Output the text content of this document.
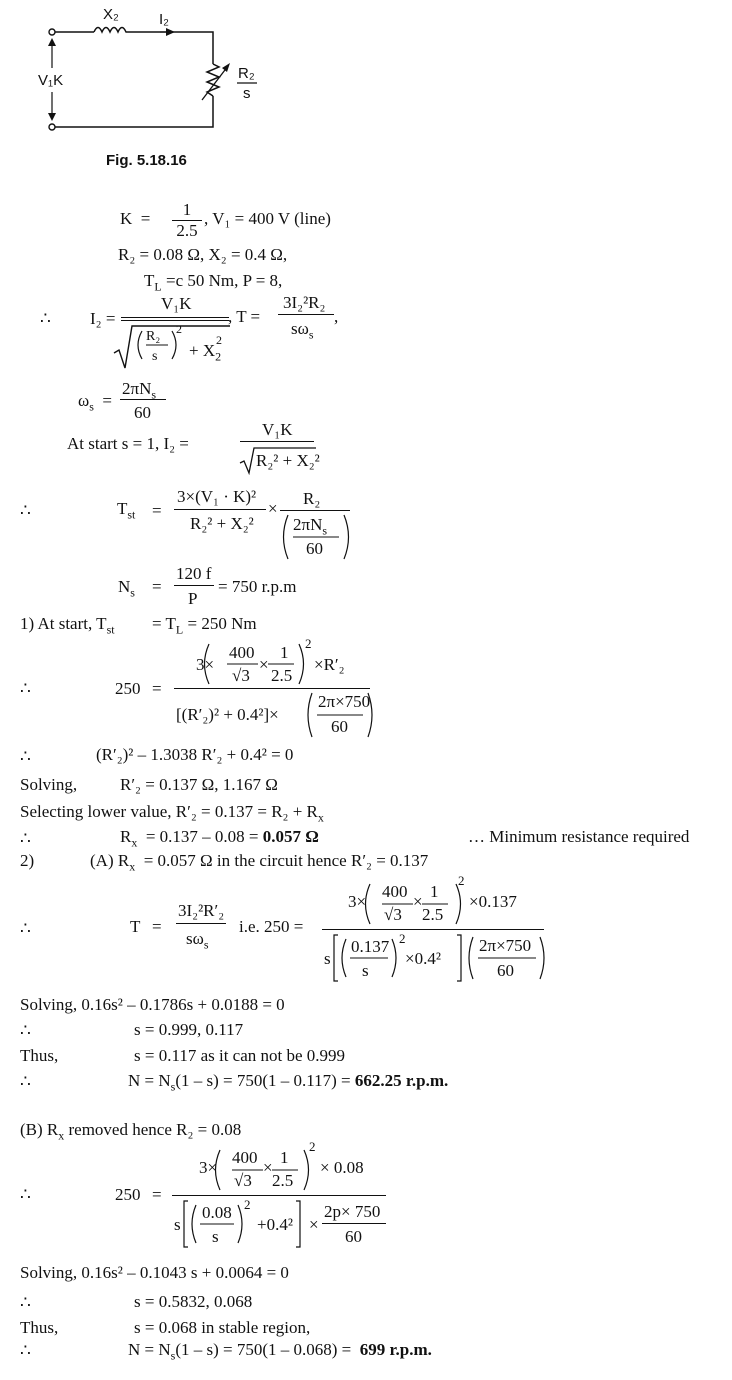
X₂	I₂
V₁K	R₂
s
Fig. 5.18.16
K  =	1
2.5
, V₁ = 400 V (line)
R₂ = 0.08 Ω, X₂ = 0.4 Ω,
$T_L =c$ 50 Nm, P = 8,
∴ I₂ =
V₁K
R₂
s
2
+ $X_2$
2
, T =
3I₂²R₂
$s\omega_s$
,
$\omega_s$ =
$2\pi N_s$
60
At start s = 1, I₂ =
V₁K
R₂² + X₂²
∴	$T_{st}$ =
3×(V₁ · K)²
R₂² + X₂²
×
R₂
$2\pi N_s$
60
$N_s$ =
120 f
P
= 750 r.p.m
1) At start, $T_{st} = T_L = 250$ Nm
∴	250 =
3×
400
√3
×
1
2.5
2
×R′₂
[(R′₂)² + 0.4²]×
2π×750
60
∴	(R′₂)² – 1.3038 R′₂ + 0.4² = 0
Solving,	R′₂ = 0.137 Ω, 1.167 Ω
Selecting lower value, $R'_2 = 0.137 = R_2 + R_x$
∴	$R_x = 0.137 - 0.08 = 0.057$ Ω	… Minimum resistance required
2)	(A) $R_x = 0.057$ Ω in the circuit hence R′₂ = 0.137
∴	T =
3I₂²R′₂
$s\omega_s$
i.e. 250 =
3×
400
√3
×
1
2.5
2
×0.137
s
0.137
s
2
×0.4²
2π×750
60
Solving, 0.16s² – 0.1786s + 0.0188 = 0
∴	s = 0.999, 0.117
Thus,	s = 0.117 as it can not be 0.999
∴	$N = N_s(1 - s) = 750(1 - 0.117) = 662.25$ r.p.m.
(B) $R_x$ removed hence R₂ = 0.08
∴	250 =
3×
400
√3
×
1
2.5
2
× 0.08
s
0.08
s
2
+0.4² ×
2p× 750
60
Solving, 0.16s² – 0.1043 s + 0.0064 = 0
∴	s = 0.5832, 0.068
Thus,	s = 0.068 in stable region,
∴	$N = N_s(1 - s) = 750(1 - 0.068) = 699$ r.p.m.
